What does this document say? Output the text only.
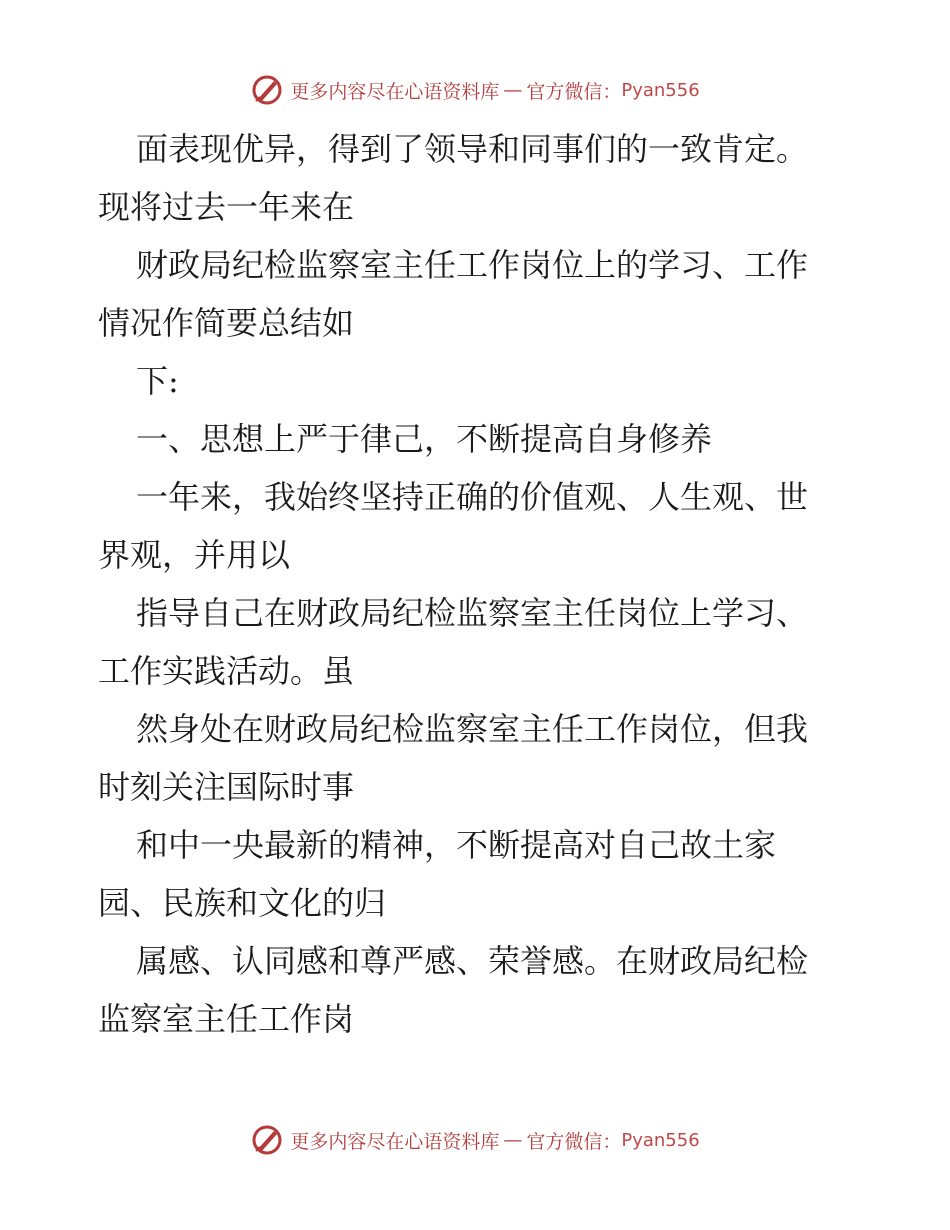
更多内容尽在心语资料库 — 官方微信： Pyan556
面表现优异，得到了领导和同事们的一致肯定。
现将过去一年来在
财政局纪检监察室主任工作岗位上的学习、工作
情况作简要总结如
下:
一、思想上严于律己，不断提高自身修养
一年来，我始终坚持正确的价值观、人生观、世
界观，并用以
指导自己在财政局纪检监察室主任岗位上学习、
工作实践活动。虽
然身处在财政局纪检监察室主任工作岗位，但我
时刻关注国际时事
和中一央最新的精神，不断提高对自己故土家
园、民族和文化的归
属感、认同感和尊严感、荣誉感。在财政局纪检
监察室主任工作岗
更多内容尽在心语资料库 — 官方微信： Pyan556
